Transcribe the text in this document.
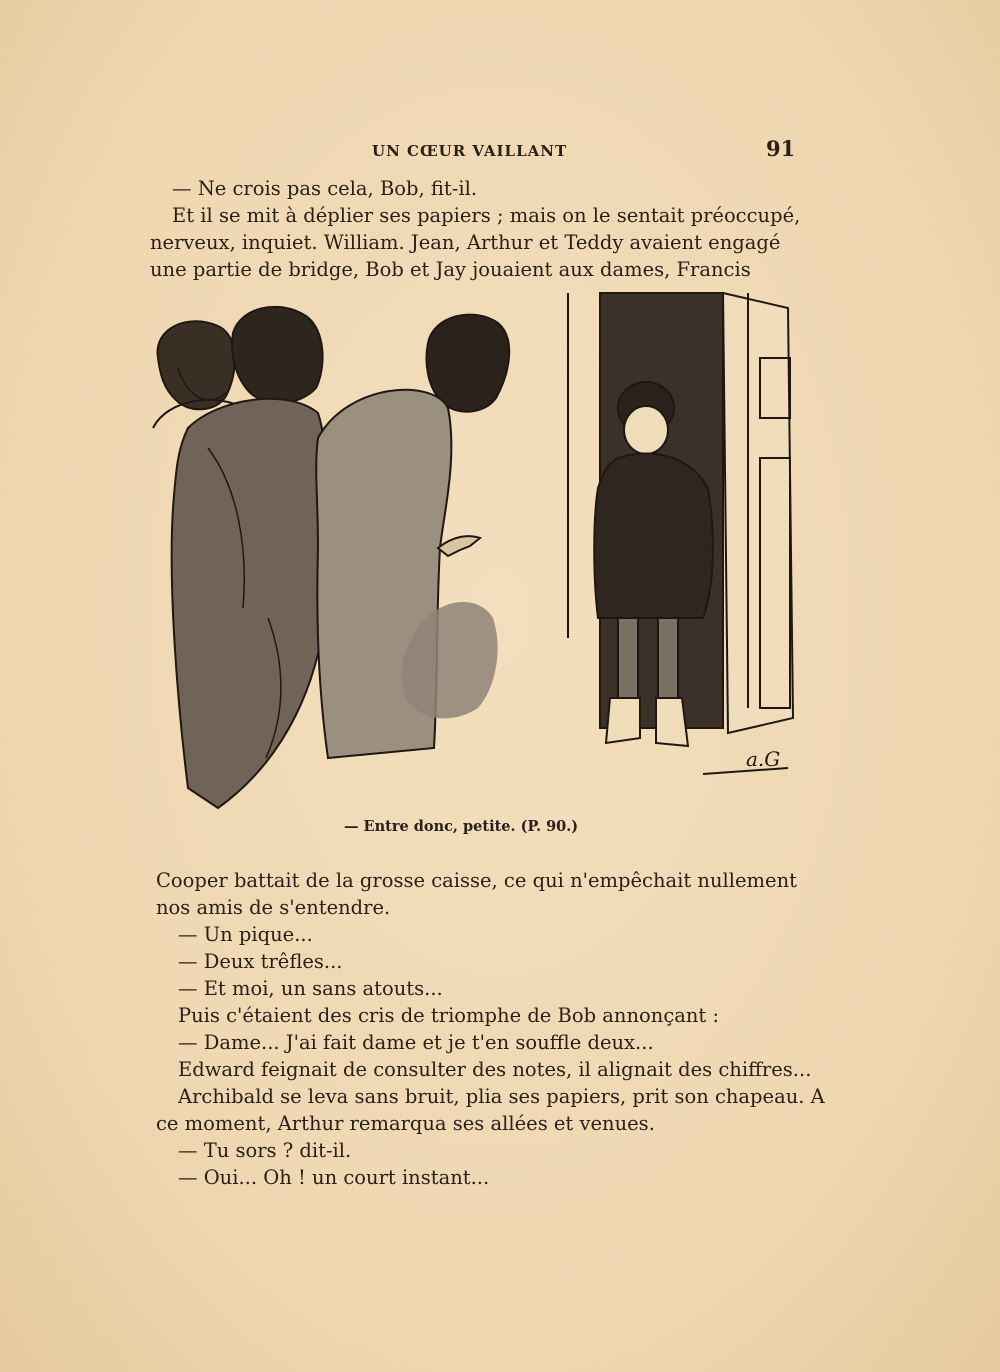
UN CŒUR VAILLANT	91

— Ne crois pas cela, Bob, fit-il.

Et il se mit à déplier ses papiers ; mais on le sentait préoccupé,

nerveux, inquiet. William. Jean, Arthur et Teddy avaient engagé

une partie de bridge, Bob et Jay jouaient aux dames, Francis

a.G
— Entre donc, petite. (P. 90.)

Cooper battait de la grosse caisse, ce qui n'empêchait nullement

nos amis de s'entendre.

— Un pique...

— Deux trêfles...

— Et moi, un sans atouts...

Puis c'étaient des cris de triomphe de Bob annonçant :

— Dame... J'ai fait dame et je t'en souffle deux...

Edward feignait de consulter des notes, il alignait des chiffres...

Archibald se leva sans bruit, plia ses papiers, prit son chapeau. A

ce moment, Arthur remarqua ses allées et venues.

— Tu sors ? dit-il.

— Oui... Oh ! un court instant...
